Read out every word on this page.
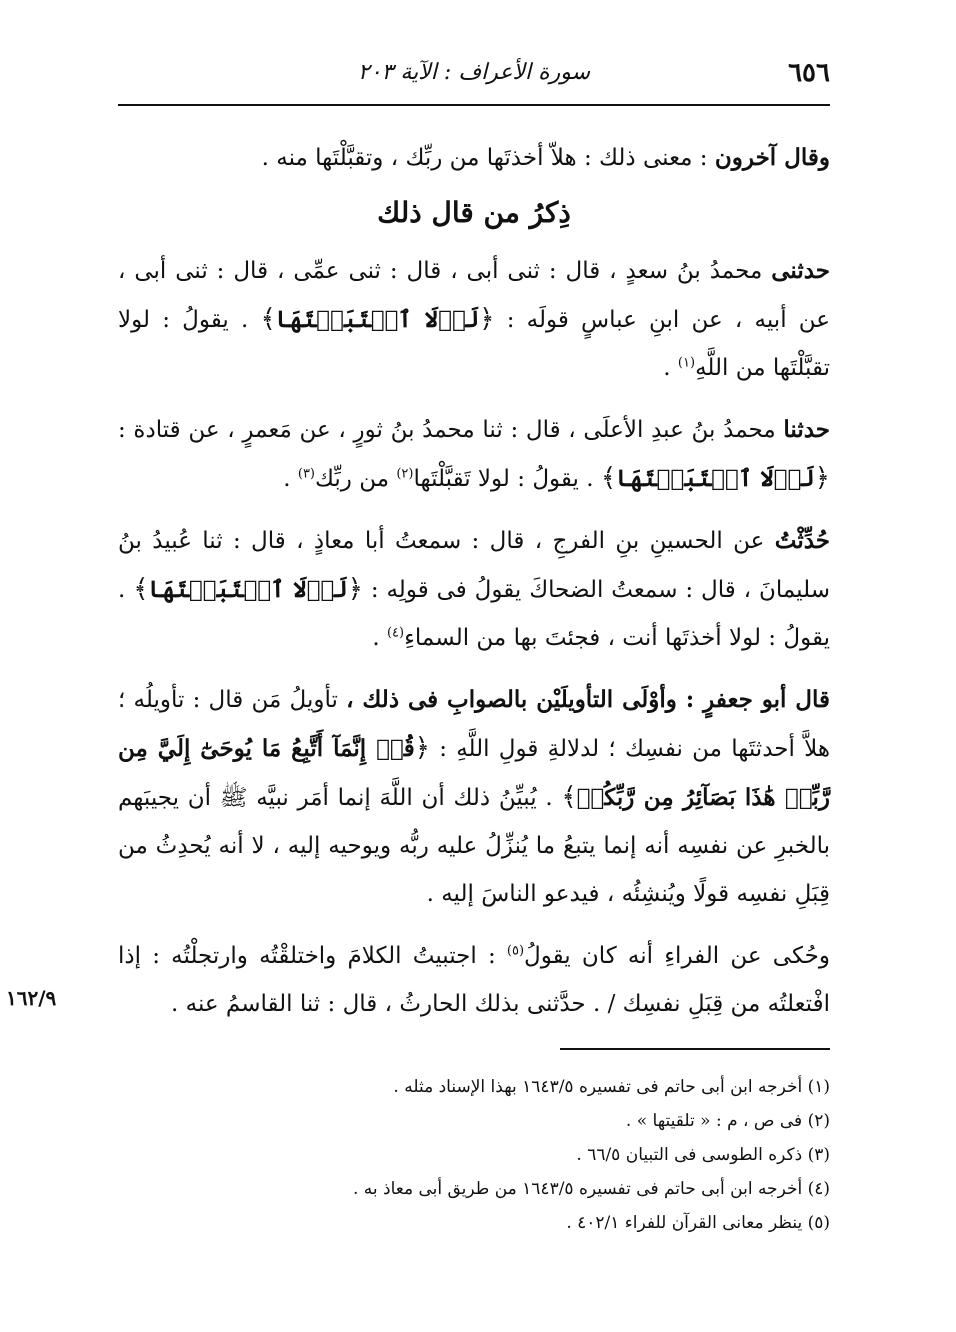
٦٥٦
سورة الأعراف : الآية ٢٠٣

وقال آخرون : معنى ذلك : هلاّ أخذتَها من ربِّك ، وتقبَّلْتَها منه .

ذِكرُ من قال ذلك

حدثنى محمدُ بنُ سعدٍ ، قال : ثنى أبى ، قال : ثنى عمِّى ، قال : ثنى أبى ، عن أبيه ، عن ابنِ عباسٍ قولَه : ﴿لَوۡلَا ٱجۡتَبَيۡتَهَا﴾ . يقولُ : لولا تقبَّلْتَها من اللَّهِ$^{(١)}$ .

حدثنا محمدُ بنُ عبدِ الأعلَى ، قال : ثنا محمدُ بنُ ثورٍ ، عن مَعمرٍ ، عن قتادة : ﴿لَوۡلَا ٱجۡتَبَيۡتَهَا﴾ . يقولُ : لولا تَقبَّلْتَها$^{(٢)}$ من ربِّك$^{(٣)}$ .

حُدِّثْتُ عن الحسينِ بنِ الفرجِ ، قال : سمعتُ أبا معاذٍ ، قال : ثنا عُبيدُ بنُ سليمانَ ، قال : سمعتُ الضحاكَ يقولُ فى قولِه : ﴿لَوۡلَا ٱجۡتَبَيۡتَهَا﴾ . يقولُ : لولا أخذتَها أنت ، فجئتَ بها من السماءِ$^{(٤)}$ .

قال أبو جعفرٍ : وأوْلَى التأويلَيْن بالصوابِ فى ذلك ، تأويلُ مَن قال : تأويلُه ؛ هلاَّ أحدثتَها من نفسِك ؛ لدلالةِ قولِ اللَّهِ : ﴿قُلۡ إِنَّمَآ أَتَّبِعُ مَا يُوحَىٰٓ إِلَيَّ مِن رَّبِّيۚ هَٰذَا بَصَآئِرُ مِن رَّبِّكُمۡ﴾ . يُبيِّنُ ذلك أن اللَّهَ إنما أمَر نبيَّه ﷺ أن يجيبَهم بالخبرِ عن نفسِه أنه إنما يتبعُ ما يُنزِّلُ عليه ربُّه ويوحيه إليه ، لا أنه يُحدِثُ من قِبَلِ نفسِه قولًا ويُنشِئُه ، فيدعو الناسَ إليه .

وحُكى عن الفراءِ أنه كان يقولُ$^{(٥)}$ : اجتبيتُ الكلامَ واختلقْتُه وارتجلْتُه : إذا افْتعلتُه من قِبَلِ نفسِك / . حدَّثنى بذلك الحارثُ ، قال : ثنا القاسمُ عنه .
١٦٢/٩

(١) أخرجه ابن أبى حاتم فى تفسيره ١٦٤٣/٥ بهذا الإسناد مثله .
(٢) فى ص ، م : « تلقيتها » .
(٣) ذكره الطوسى فى التبيان ٦٦/٥ .
(٤) أخرجه ابن أبى حاتم فى تفسيره ١٦٤٣/٥ من طريق أبى معاذ به .
(٥) ينظر معانى القرآن للفراء ٤٠٢/١ .
